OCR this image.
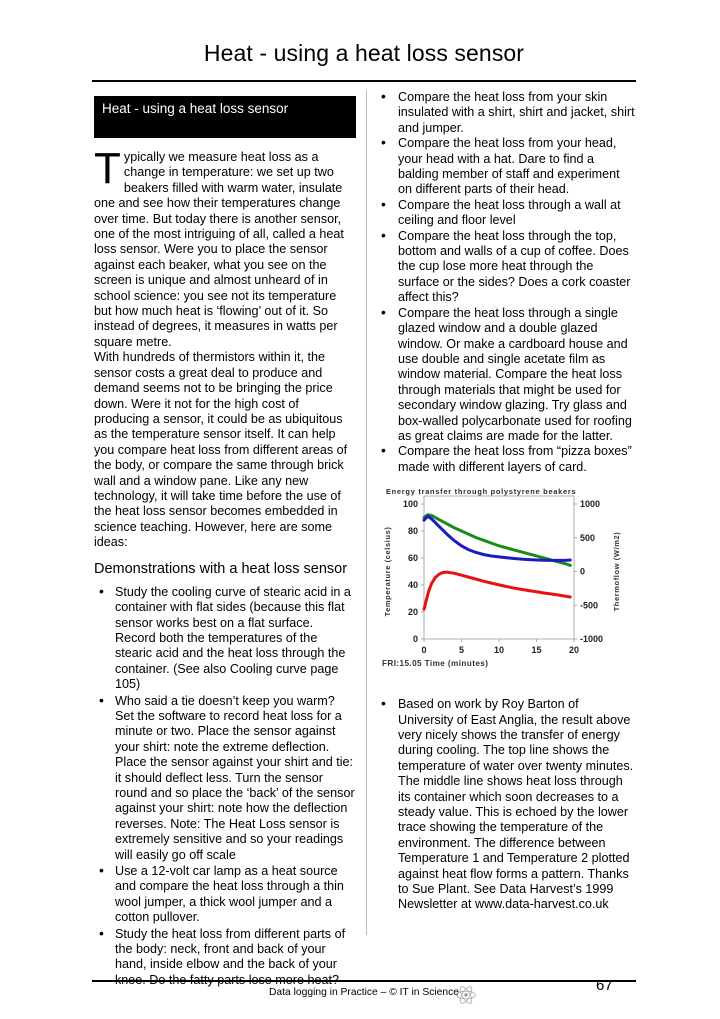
Heat - using a heat loss sensor
Heat - using a heat loss sensor

Typically we measure heat loss as a change in temperature: we set up two beakers filled with warm water, insulate one and see how their temperatures change over time. But today there is another sensor, one of the most intriguing of all, called a heat loss sensor. Were you to place the sensor against each beaker, what you see on the screen is unique and almost unheard of in school science: you see not its temperature but how much heat is ‘flowing’ out of it. So instead of degrees, it measures in watts per square metre.

With hundreds of thermistors within it, the sensor costs a great deal to produce and demand seems not to be bringing the price down. Were it not for the high cost of producing a sensor, it could be as ubiquitous as the temperature sensor itself. It can help you compare heat loss from different areas of the body, or compare the same through brick wall and a window pane. Like any new technology, it will take time before the use of the heat loss sensor becomes embedded in science teaching. However, here are some ideas:

Demonstrations with a heat loss sensor
• Study the cooling curve of stearic acid in a container with flat sides (because this flat sensor works best on a flat surface. Record both the temperatures of the stearic acid and the heat loss through the container. (See also Cooling curve page 105)
• Who said a tie doesn’t keep you warm? Set the software to record heat loss for a minute or two. Place the sensor against your shirt: note the extreme deflection. Place the sensor against your shirt and tie: it should deflect less. Turn the sensor round and so place the ‘back’ of the sensor against your shirt: note how the deflection reverses. Note: The Heat Loss sensor is extremely sensitive and so your readings will easily go off scale
• Use a 12-volt car lamp as a heat source and compare the heat loss through a thin wool jumper, a thick wool jumper and a cotton pullover.
• Study the heat loss from different parts of the body: neck, front and back of your hand, inside elbow and the back of your knee. Do the fatty parts lose more heat?
• Compare the heat loss from your skin insulated with a shirt, shirt and jacket, shirt and jumper.
• Compare the heat loss from your head, your head with a hat. Dare to find a balding member of staff and experiment on different parts of their head.
• Compare the heat loss through a wall at ceiling and floor level
• Compare the heat loss through the top, bottom and walls of a cup of coffee. Does the cup lose more heat through the surface or the sides? Does a cork coaster affect this?
• Compare the heat loss through a single glazed window and a double glazed window. Or make a cardboard house and use double and single acetate film as window material. Compare the heat loss through materials that might be used for secondary window glazing. Try glass and box-walled polycarbonate used for roofing as great claims are made for the latter.
• Compare the heat loss from “pizza boxes” made with different layers of card.
Energy transfer through polystyrene beakers
0
20
40
60
80
100	1000
500
0
-500
-1000
0	5	10	15	20
Temperature (celsius)	Thermoflow (W/m2)
FRI:15.05 Time (minutes)
• Based on work by Roy Barton of University of East Anglia, the result above very nicely shows the transfer of energy during cooling. The top line shows the temperature of water over twenty minutes. The middle line shows heat loss through its container which soon decreases to a steady value. This is echoed by the lower trace showing the temperature of the environment. The difference between Temperature 1 and Temperature 2 plotted against heat flow forms a pattern. Thanks to Sue Plant. See Data Harvest’s 1999 Newsletter at www.data-harvest.co.uk
Data logging in Practice – © IT in Science	67
